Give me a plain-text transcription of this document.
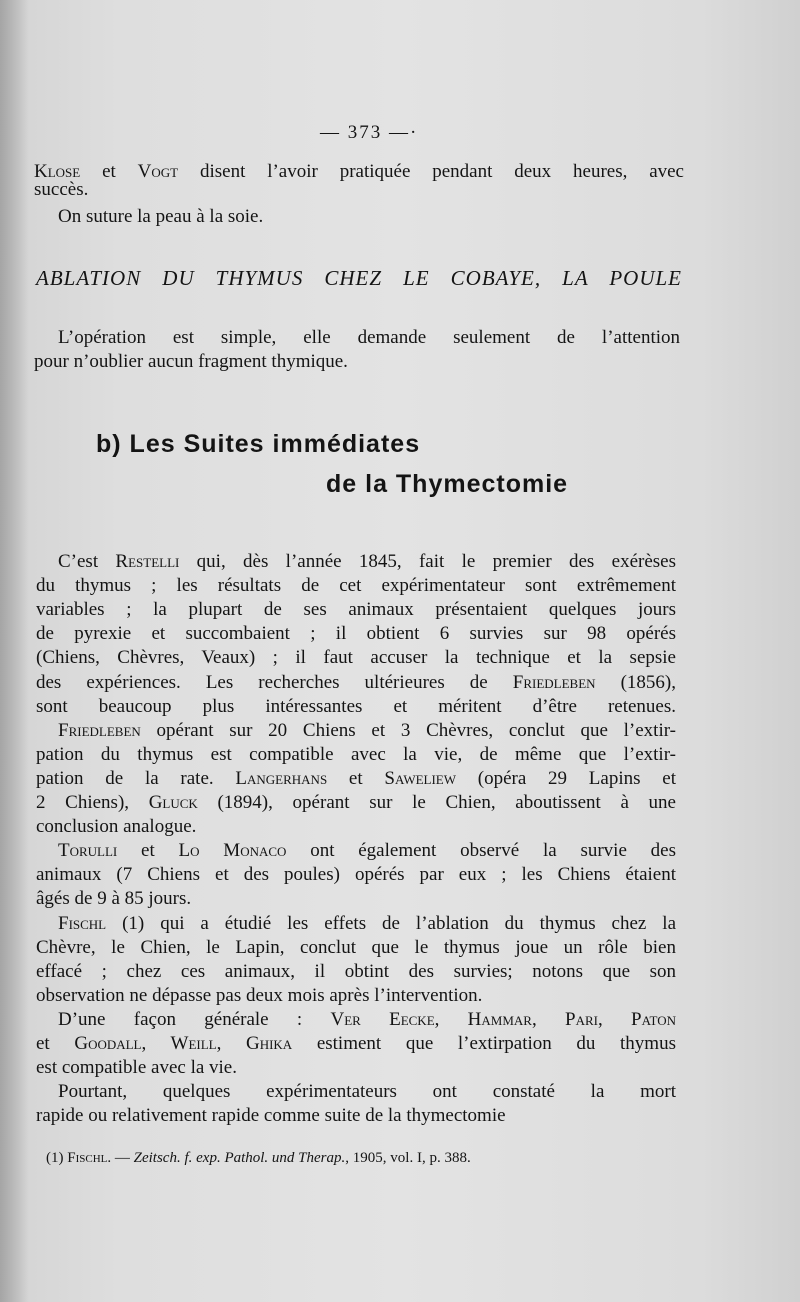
— 373 —·
Klose et Vogt disent l’avoir pratiquée pendant deux heures, avec
succès.
On suture la peau à la soie.
ABLATION DU THYMUS CHEZ LE COBAYE, LA POULE
L’opération est simple, elle demande seulement de l’attention
pour n’oublier aucun fragment thymique.
b) Les Suites immédiates
de la Thymectomie
C’est Restelli qui, dès l’année 1845, fait le premier des exérèses
du thymus ; les résultats de cet expérimentateur sont extrêmement
variables ; la plupart de ses animaux présentaient quelques jours
de pyrexie et succombaient ; il obtient 6 survies sur 98 opérés
(Chiens, Chèvres, Veaux) ; il faut accuser la technique et la sepsie
des expériences. Les recherches ultérieures de Friedleben (1856),
sont beaucoup plus intéressantes et méritent d’être retenues.
Friedleben opérant sur 20 Chiens et 3 Chèvres, conclut que l’extir-
pation du thymus est compatible avec la vie, de même que l’extir-
pation de la rate. Langerhans et Saweliew (opéra 29 Lapins et
2 Chiens), Gluck (1894), opérant sur le Chien, aboutissent à une
conclusion analogue.
Torulli et Lo Monaco ont également observé la survie des
animaux (7 Chiens et des poules) opérés par eux ; les Chiens étaient
âgés de 9 à 85 jours.
Fischl (1) qui a étudié les effets de l’ablation du thymus chez la
Chèvre, le Chien, le Lapin, conclut que le thymus joue un rôle bien
effacé ; chez ces animaux, il obtint des survies; notons que son
observation ne dépasse pas deux mois après l’intervention.
D’une façon générale : Ver Eecke, Hammar, Pari, Paton
et Goodall, Weill, Ghika estiment que l’extirpation du thymus
est compatible avec la vie.
Pourtant, quelques expérimentateurs ont constaté la mort
rapide ou relativement rapide comme suite de la thymectomie
(1) Fischl. — Zeitsch. f. exp. Pathol. und Therap., 1905, vol. I, p. 388.
